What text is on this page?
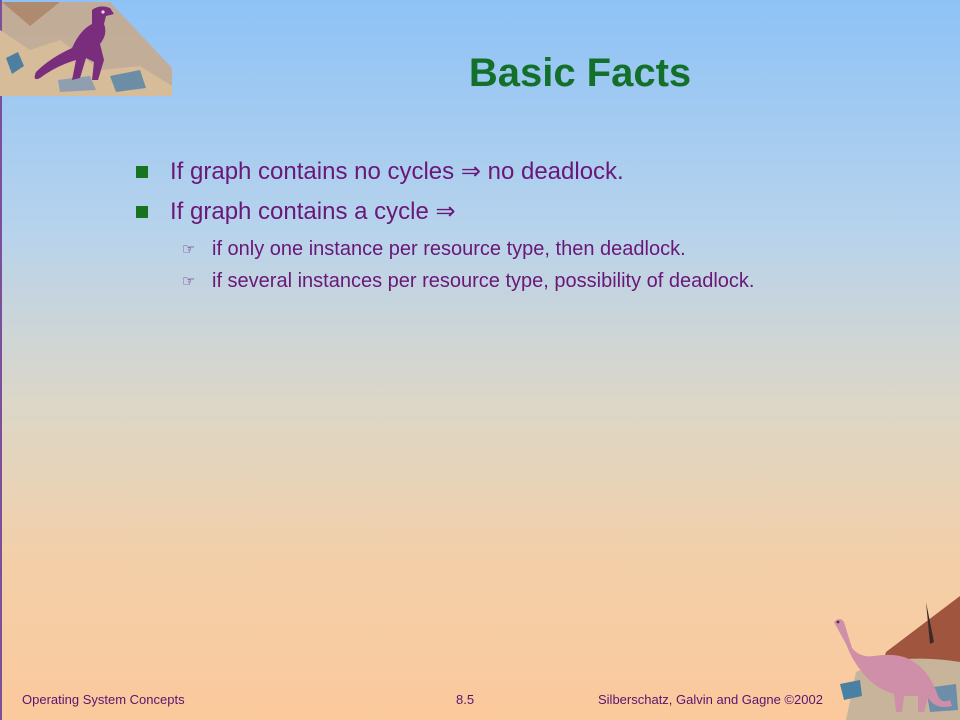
Basic Facts
If graph contains no cycles ⇒ no deadlock.
If graph contains a cycle ⇒
☞ if only one instance per resource type, then deadlock.
☞ if several instances per resource type, possibility of deadlock.
Operating System Concepts	8.5	Silberschatz, Galvin and Gagne ©2002
